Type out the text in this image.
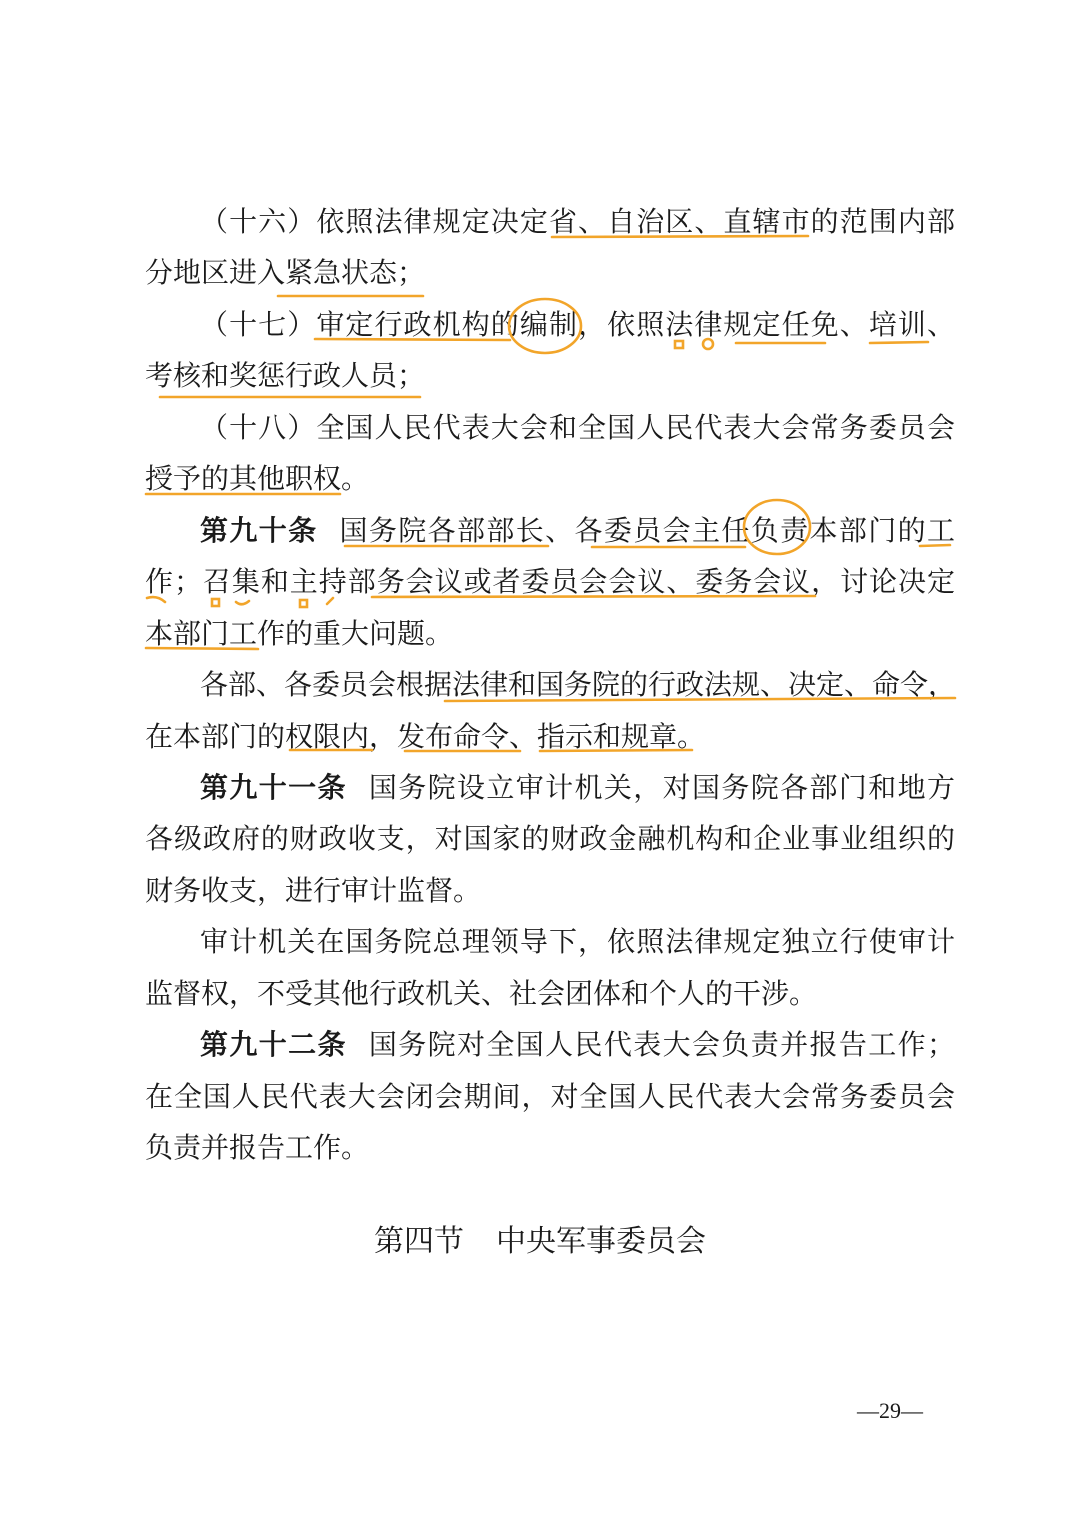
（十六）依照法律规定决定省、自治区、直辖市的范围内部
分地区进入紧急状态；
（十七）审定行政机构的编制，依照法律规定任免、培训、
考核和奖惩行政人员；
（十八）全国人民代表大会和全国人民代表大会常务委员会
授予的其他职权。
第九十条 国务院各部部长、各委员会主任负责本部门的工
作；召集和主持部务会议或者委员会会议、委务会议，讨论决定
本部门工作的重大问题。
各部、各委员会根据法律和国务院的行政法规、决定、命令，
在本部门的权限内，发布命令、指示和规章。
第九十一条 国务院设立审计机关，对国务院各部门和地方
各级政府的财政收支，对国家的财政金融机构和企业事业组织的
财务收支，进行审计监督。
审计机关在国务院总理领导下，依照法律规定独立行使审计
监督权，不受其他行政机关、社会团体和个人的干涉。
第九十二条 国务院对全国人民代表大会负责并报告工作；
在全国人民代表大会闭会期间，对全国人民代表大会常务委员会
负责并报告工作。
第四节 中央军事委员会
—29—
